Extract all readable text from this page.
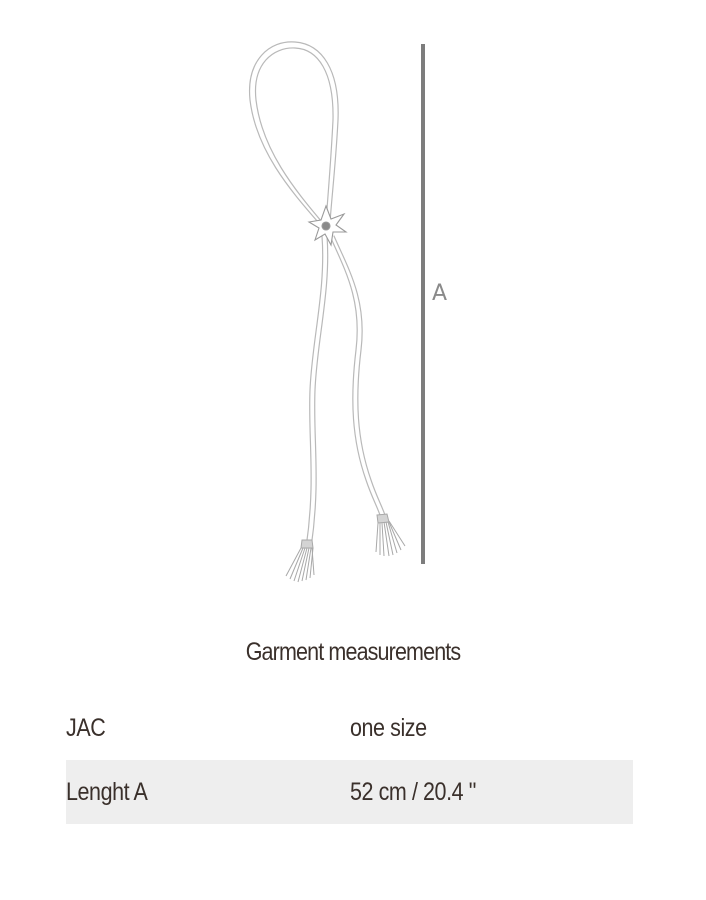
A
Garment measurements
JAC	one size
Lenght A	52 cm / 20.4 "
